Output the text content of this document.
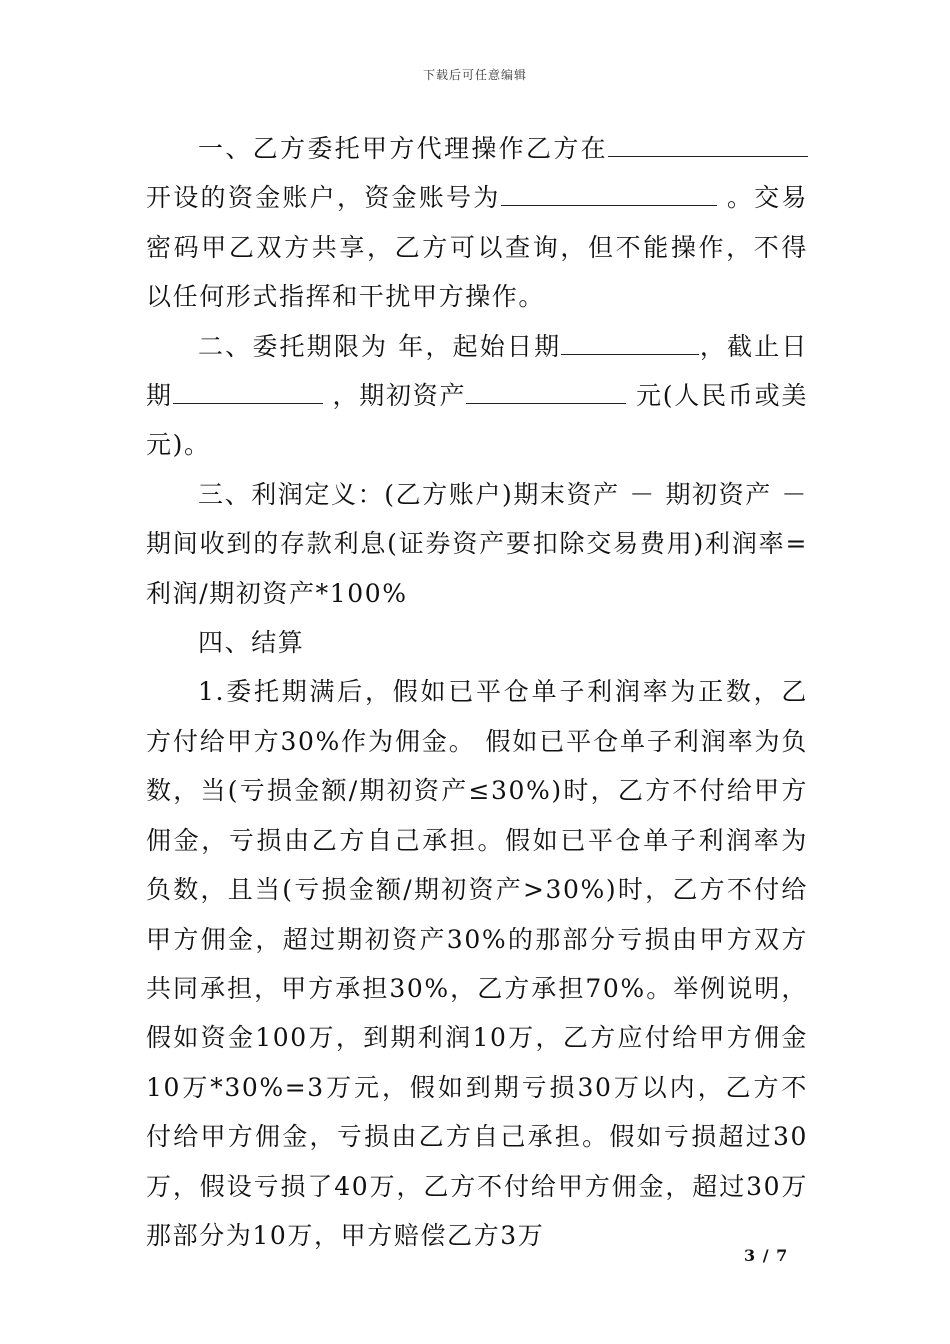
下载后可任意编辑

一、乙方委托甲方代理操作乙方在开设的资金账户，资金账号为	。交易密码甲乙双方共享，乙方可以查询，但不能操作，不得以任何形式指挥和干扰甲方操作。

二、委托期限为 年，起始日期	，截止日期	，期初资产	元(人民币或美元)。

三、利润定义：(乙方账户)期末资产 － 期初资产 －期间收到的存款利息(证券资产要扣除交易费用)利润率=利润/期初资产*100%

四、结算

1.委托期满后，假如已平仓单子利润率为正数，乙方付给甲方30%作为佣金。 假如已平仓单子利润率为负数，当(亏损金额/期初资产≤30%)时，乙方不付给甲方佣金，亏损由乙方自己承担。假如已平仓单子利润率为负数，且当(亏损金额/期初资产>30%)时，乙方不付给甲方佣金，超过期初资产30%的那部分亏损由甲方双方共同承担，甲方承担30%，乙方承担70%。举例说明，假如资金100万，到期利润10万，乙方应付给甲方佣金10万*30%=3万元，假如到期亏损30万以内，乙方不付给甲方佣金，亏损由乙方自己承担。假如亏损超过30万，假设亏损了40万，乙方不付给甲方佣金，超过30万那部分为10万，甲方赔偿乙方3万

3 / 7
